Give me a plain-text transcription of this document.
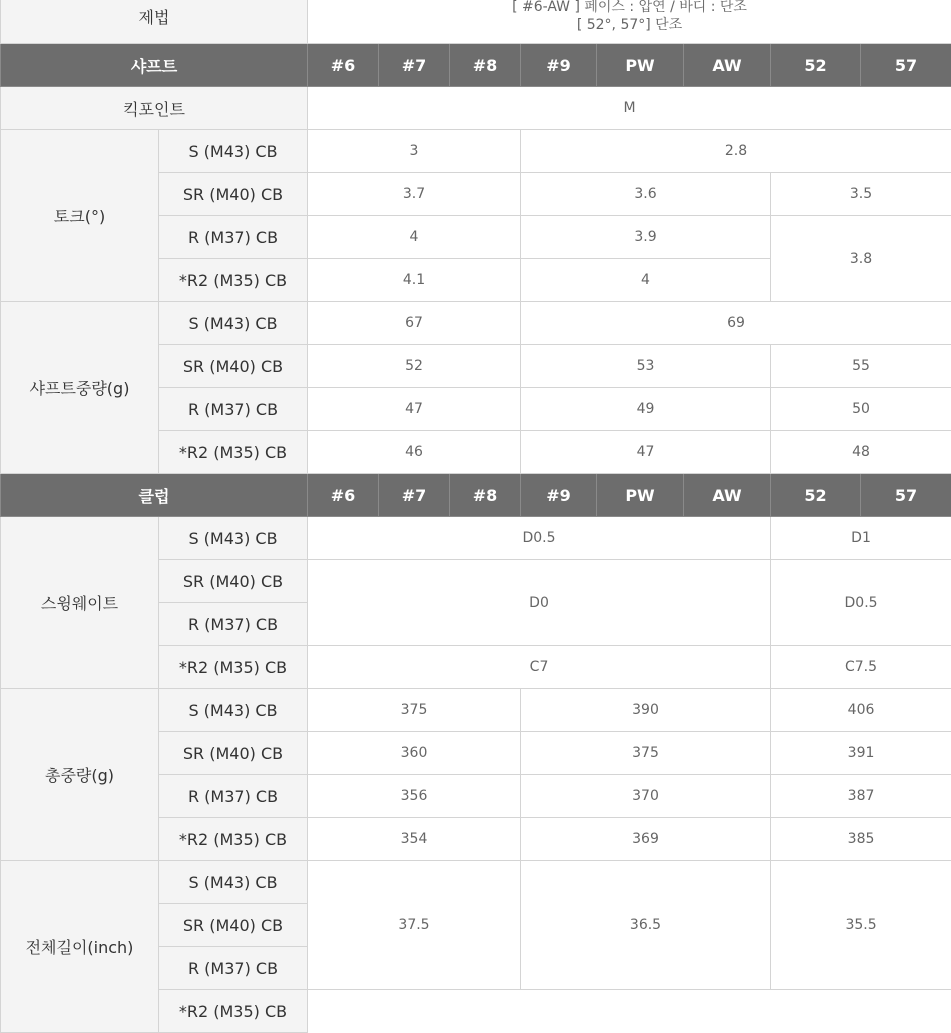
제법		[ #6-AW ] 페이스 : 압연 / 바디 : 단조
[ 52°, 57°] 단조							

샤프트		#6	#7	#8	#9	PW	AW	52	57
킥포인트		M							
토크(°)	S (M43) CB	3			2.8				
	SR (M40) CB	3.7			3.6			3.5	
	R (M37) CB	4			3.9			3.8	
	*R2 (M35) CB	4.1			4				
샤프트중량(g)	S (M43) CB	67			69				
	SR (M40) CB	52			53			55	
	R (M37) CB	47			49			50	
	*R2 (M35) CB	46			47			48	
클럽		#6	#7	#8	#9	PW	AW	52	57
스윙웨이트	S (M43) CB	D0.5						D1	
	SR (M40) CB	D0						D0.5	
	R (M37) CB								
	*R2 (M35) CB	C7						C7.5	
총중량(g)	S (M43) CB	375			390			406	
	SR (M40) CB	360			375			391	
	R (M37) CB	356			370			387	
	*R2 (M35) CB	354			369			385	
전체길이(inch)	S (M43) CB	37.5			36.5			35.5	
	SR (M40) CB								
	R (M37) CB								
	*R2 (M35) CB								
